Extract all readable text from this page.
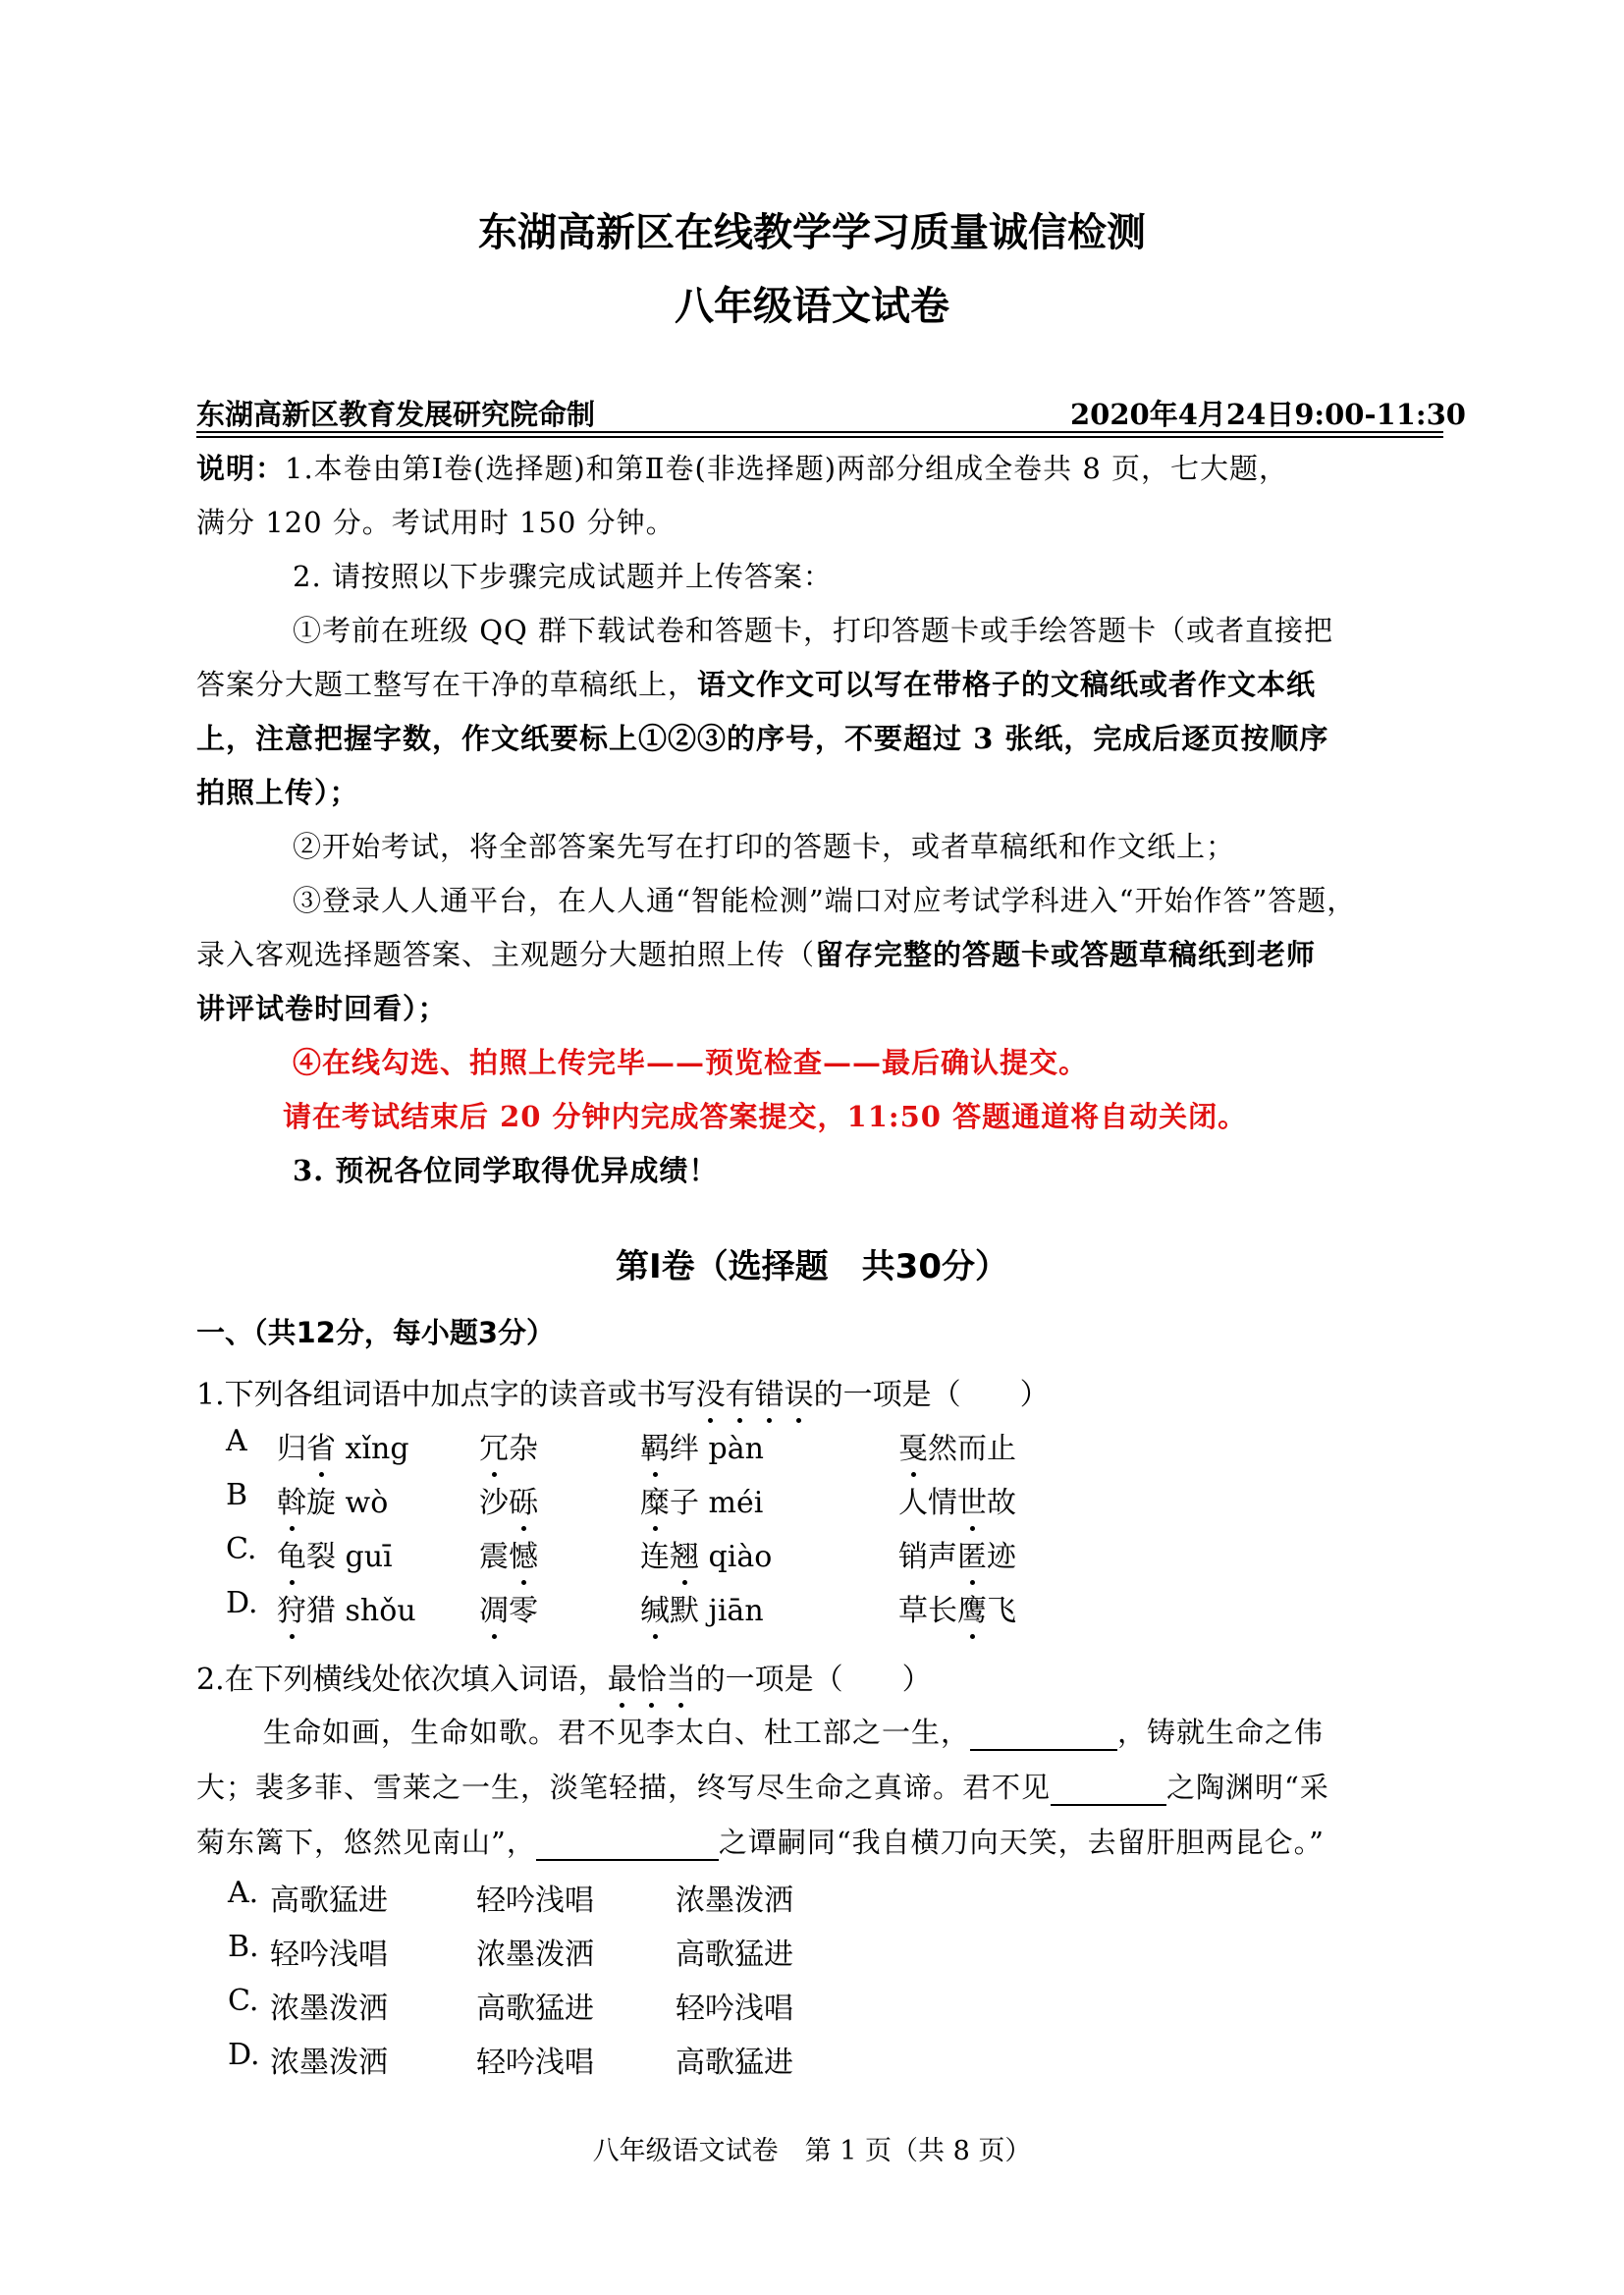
东湖高新区在线教学学习质量诚信检测
八年级语文试卷
东湖高新区教育发展研究院命制	2020年4月24日9:00-11:30
说明：1.本卷由第Ⅰ卷(选择题)和第Ⅱ卷(非选择题)两部分组成全卷共 8 页，七大题，
满分 120 分。考试用时 150 分钟。
2. 请按照以下步骤完成试题并上传答案：
①考前在班级 QQ 群下载试卷和答题卡，打印答题卡或手绘答题卡（或者直接把
答案分大题工整写在干净的草稿纸上，语文作文可以写在带格子的文稿纸或者作文本纸
上，注意把握字数，作文纸要标上①②③的序号，不要超过 3 张纸，完成后逐页按顺序
拍照上传）；
②开始考试，将全部答案先写在打印的答题卡，或者草稿纸和作文纸上；
③登录人人通平台，在人人通“智能检测”端口对应考试学科进入“开始作答”答题，
录入客观选择题答案、主观题分大题拍照上传（留存完整的答题卡或答题草稿纸到老师
讲评试卷时回看）；
④在线勾选、拍照上传完毕——预览检查——最后确认提交。
请在考试结束后 20 分钟内完成答案提交，11:50 答题通道将自动关闭。
3. 预祝各位同学取得优异成绩！
第Ⅰ卷（选择题　共30分）
一、（共12分，每小题3分）
1.下列各组词语中加点字的读音或书写没有错误的一项是（　　）
A 归省 xǐng 冗杂	羁绊 pàn	戛然而止
B 斡旋 wò	沙砾	糜子 méi	人情世故
C. 龟裂 guī	震憾	连翘 qiào	销声匿迹
D. 狩猎 shǒu 凋零	缄默 jiān	草长鹰飞
2.在下列横线处依次填入词语，最恰当的一项是（　　）
生命如画，生命如歌。君不见李太白、杜工部之一生，	，铸就生命之伟
大；裴多菲、雪莱之一生，淡笔轻描，终写尽生命之真谛。君不见	之陶渊明“采
菊东篱下，悠然见南山”，	之谭嗣同“我自横刀向天笑，去留肝胆两昆仑。”
A. 高歌猛进	轻吟浅唱	浓墨泼洒
B. 轻吟浅唱	浓墨泼洒	高歌猛进
C. 浓墨泼洒	高歌猛进	轻吟浅唱
D. 浓墨泼洒	轻吟浅唱	高歌猛进
八年级语文试卷　第 1 页（共 8 页）
